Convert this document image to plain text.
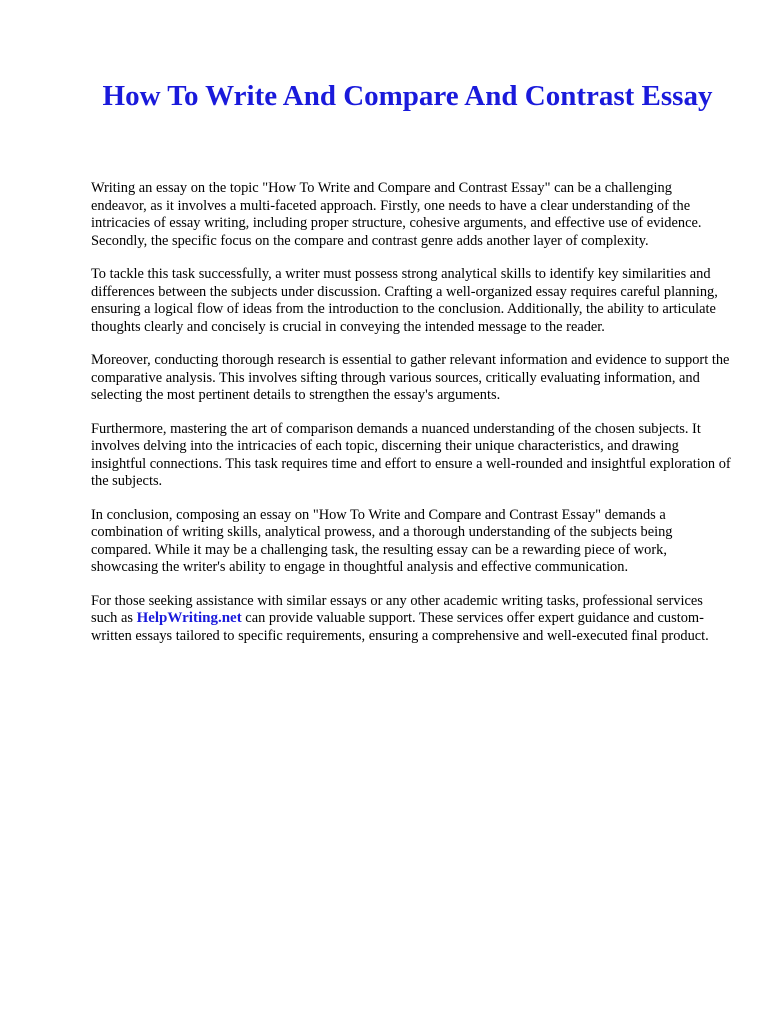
How To Write And Compare And Contrast Essay

Writing an essay on the topic "How To Write and Compare and Contrast Essay" can be a challenging endeavor, as it involves a multi-faceted approach. Firstly, one needs to have a clear understanding of the intricacies of essay writing, including proper structure, cohesive arguments, and effective use of evidence. Secondly, the specific focus on the compare and contrast genre adds another layer of complexity.

To tackle this task successfully, a writer must possess strong analytical skills to identify key similarities and differences between the subjects under discussion. Crafting a well-organized essay requires careful planning, ensuring a logical flow of ideas from the introduction to the conclusion. Additionally, the ability to articulate thoughts clearly and concisely is crucial in conveying the intended message to the reader.

Moreover, conducting thorough research is essential to gather relevant information and evidence to support the comparative analysis. This involves sifting through various sources, critically evaluating information, and selecting the most pertinent details to strengthen the essay's arguments.

Furthermore, mastering the art of comparison demands a nuanced understanding of the chosen subjects. It involves delving into the intricacies of each topic, discerning their unique characteristics, and drawing insightful connections. This task requires time and effort to ensure a well-rounded and insightful exploration of the subjects.

In conclusion, composing an essay on "How To Write and Compare and Contrast Essay" demands a combination of writing skills, analytical prowess, and a thorough understanding of the subjects being compared. While it may be a challenging task, the resulting essay can be a rewarding piece of work, showcasing the writer's ability to engage in thoughtful analysis and effective communication.

For those seeking assistance with similar essays or any other academic writing tasks, professional services such as HelpWriting.net can provide valuable support. These services offer expert guidance and custom-written essays tailored to specific requirements, ensuring a comprehensive and well-executed final product.
